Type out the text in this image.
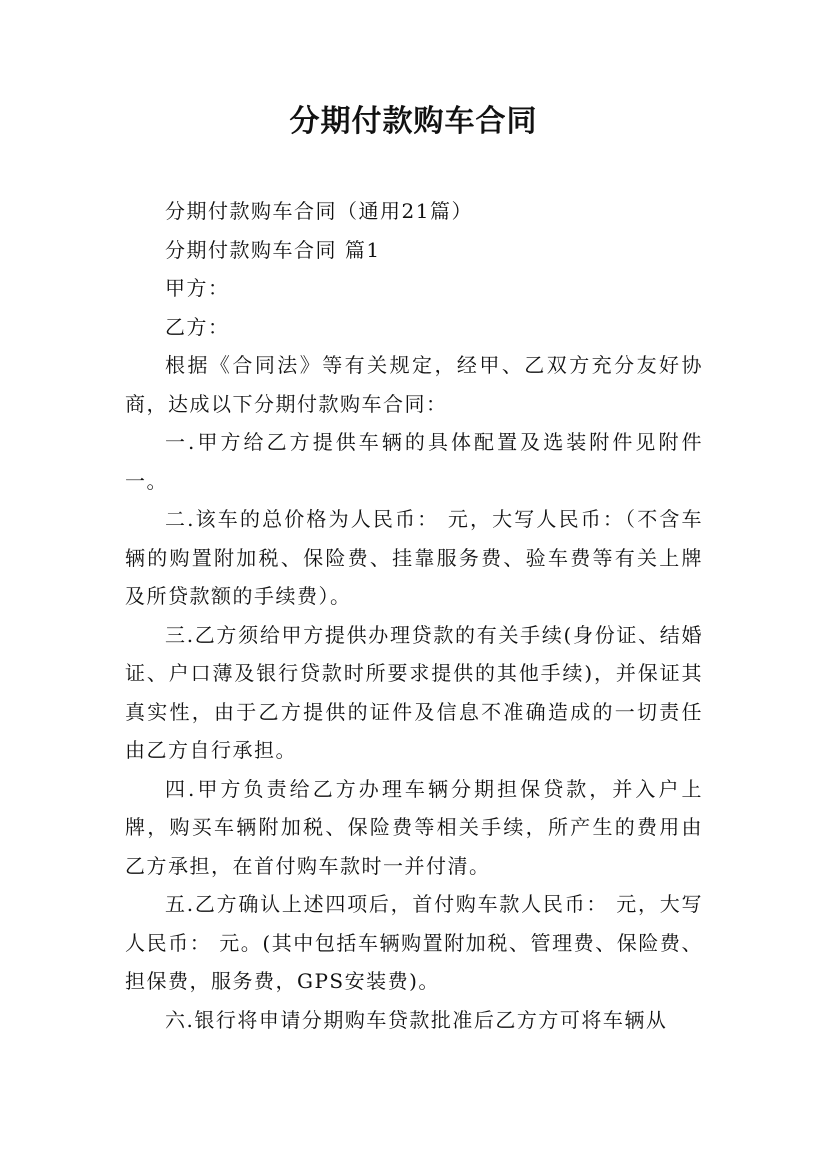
分期付款购车合同

分期付款购车合同（通用21篇）

分期付款购车合同 篇1

甲方：

乙方：

根据《合同法》等有关规定，经甲、乙双方充分友好协商，达成以下分期付款购车合同：

一.甲方给乙方提供车辆的具体配置及选装附件见附件一。

二.该车的总价格为人民币： 元，大写人民币：（不含车辆的购置附加税、保险费、挂靠服务费、验车费等有关上牌及所贷款额的手续费）。

三.乙方须给甲方提供办理贷款的有关手续(身份证、结婚证、户口薄及银行贷款时所要求提供的其他手续)，并保证其真实性，由于乙方提供的证件及信息不准确造成的一切责任由乙方自行承担。

四.甲方负责给乙方办理车辆分期担保贷款，并入户上牌，购买车辆附加税、保险费等相关手续，所产生的费用由乙方承担，在首付购车款时一并付清。

五.乙方确认上述四项后，首付购车款人民币： 元，大写人民币： 元。(其中包括车辆购置附加税、管理费、保险费、担保费，服务费，GPS安装费)。

六.银行将申请分期购车贷款批准后乙方方可将车辆从
